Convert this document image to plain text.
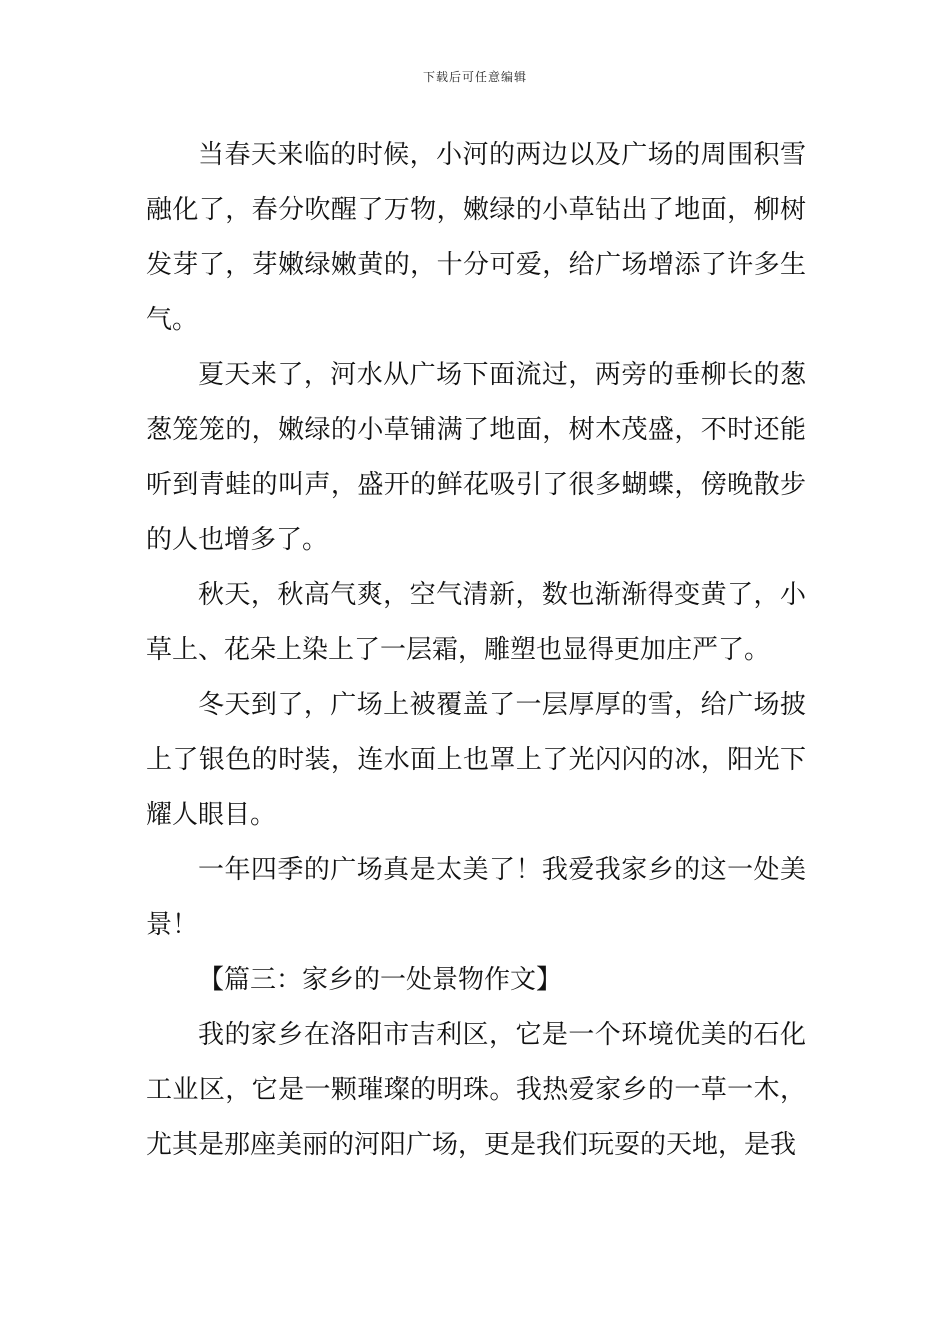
下载后可任意编辑

当春天来临的时候，小河的两边以及广场的周围积雪融化了，春分吹醒了万物，嫩绿的小草钻出了地面，柳树发芽了，芽嫩绿嫩黄的，十分可爱，给广场增添了许多生气。

夏天来了，河水从广场下面流过，两旁的垂柳长的葱葱笼笼的，嫩绿的小草铺满了地面，树木茂盛，不时还能听到青蛙的叫声，盛开的鲜花吸引了很多蝴蝶，傍晚散步的人也增多了。

秋天，秋高气爽，空气清新，数也渐渐得变黄了，小草上、花朵上染上了一层霜，雕塑也显得更加庄严了。

冬天到了，广场上被覆盖了一层厚厚的雪，给广场披上了银色的时装，连水面上也罩上了光闪闪的冰，阳光下耀人眼目。

一年四季的广场真是太美了！我爱我家乡的这一处美景！

【篇三：家乡的一处景物作文】

我的家乡在洛阳市吉利区，它是一个环境优美的石化工业区，它是一颗璀璨的明珠。我热爱家乡的一草一木，尤其是那座美丽的河阳广场，更是我们玩耍的天地，是我
